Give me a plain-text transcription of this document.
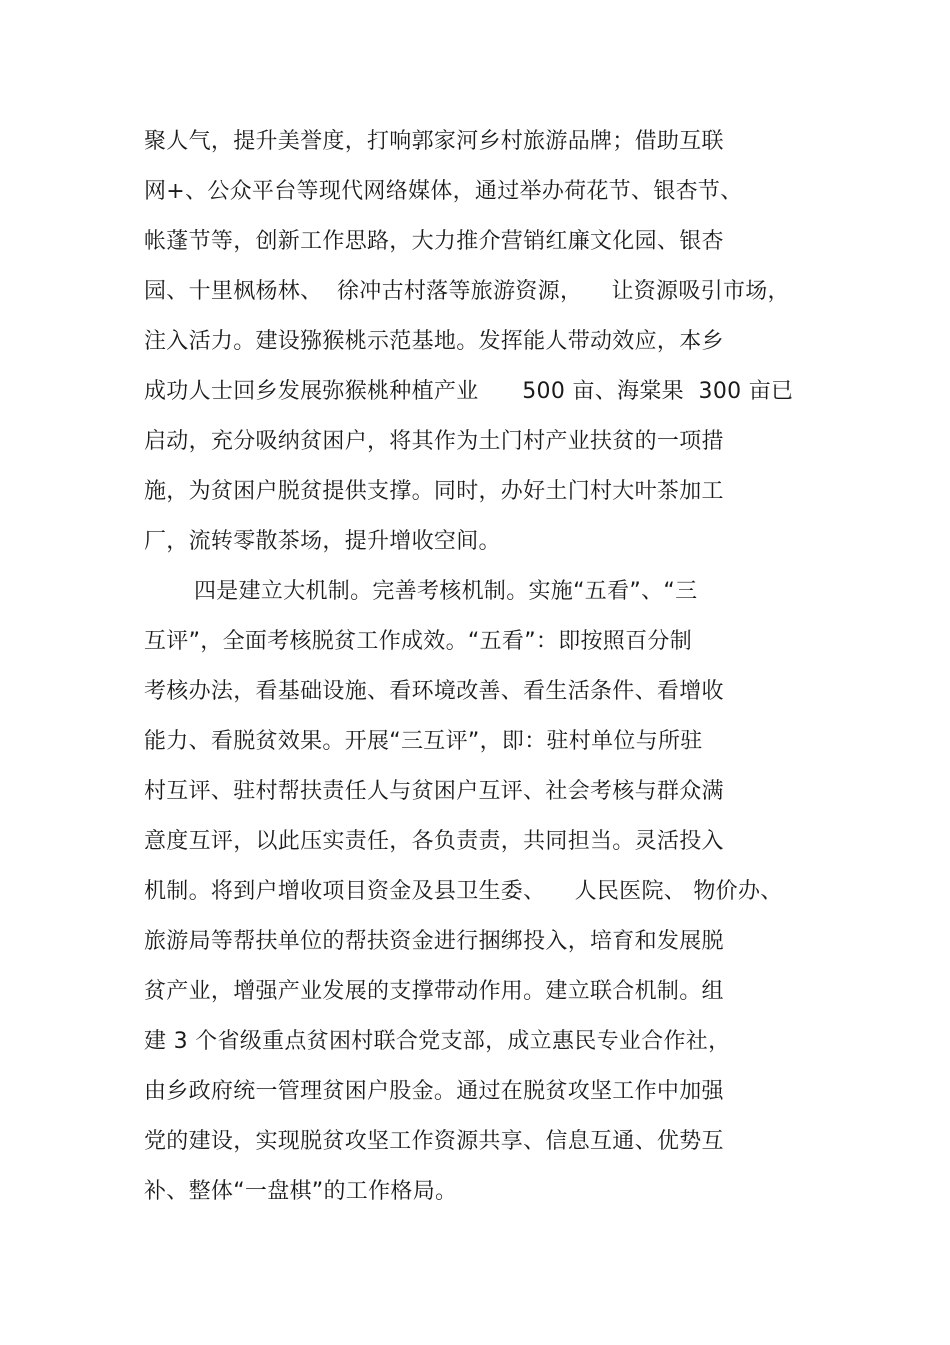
聚人气，提升美誉度，打响郭家河乡村旅游品牌；借助互联
网+、公众平台等现代网络媒体，通过举办荷花节、银杏节、
帐蓬节等，创新工作思路，大力推介营销红廉文化园、银杏
园、十里枫杨林、  徐冲古村落等旅游资源，    让资源吸引市场，
注入活力。建设猕猴桃示范基地。发挥能人带动效应，本乡
成功人士回乡发展弥猴桃种植产业      500 亩、海棠果  300 亩已
启动，充分吸纳贫困户，将其作为土门村产业扶贫的一项措
施，为贫困户脱贫提供支撑。同时，办好土门村大叶茶加工
厂，流转零散茶场，提升增收空间。
四是建立大机制。完善考核机制。实施“五看”、“三
互评”，全面考核脱贫工作成效。“五看”：即按照百分制
考核办法，看基础设施、看环境改善、看生活条件、看增收
能力、看脱贫效果。开展“三互评”，即：驻村单位与所驻
村互评、驻村帮扶责任人与贫困户互评、社会考核与群众满
意度互评，以此压实责任，各负责责，共同担当。灵活投入
机制。将到户增收项目资金及县卫生委、    人民医院、 物价办、
旅游局等帮扶单位的帮扶资金进行捆绑投入，培育和发展脱
贫产业，增强产业发展的支撑带动作用。建立联合机制。组
建 3 个省级重点贫困村联合党支部，成立惠民专业合作社，
由乡政府统一管理贫困户股金。通过在脱贫攻坚工作中加强
党的建设，实现脱贫攻坚工作资源共享、信息互通、优势互
补、整体“一盘棋”的工作格局。
